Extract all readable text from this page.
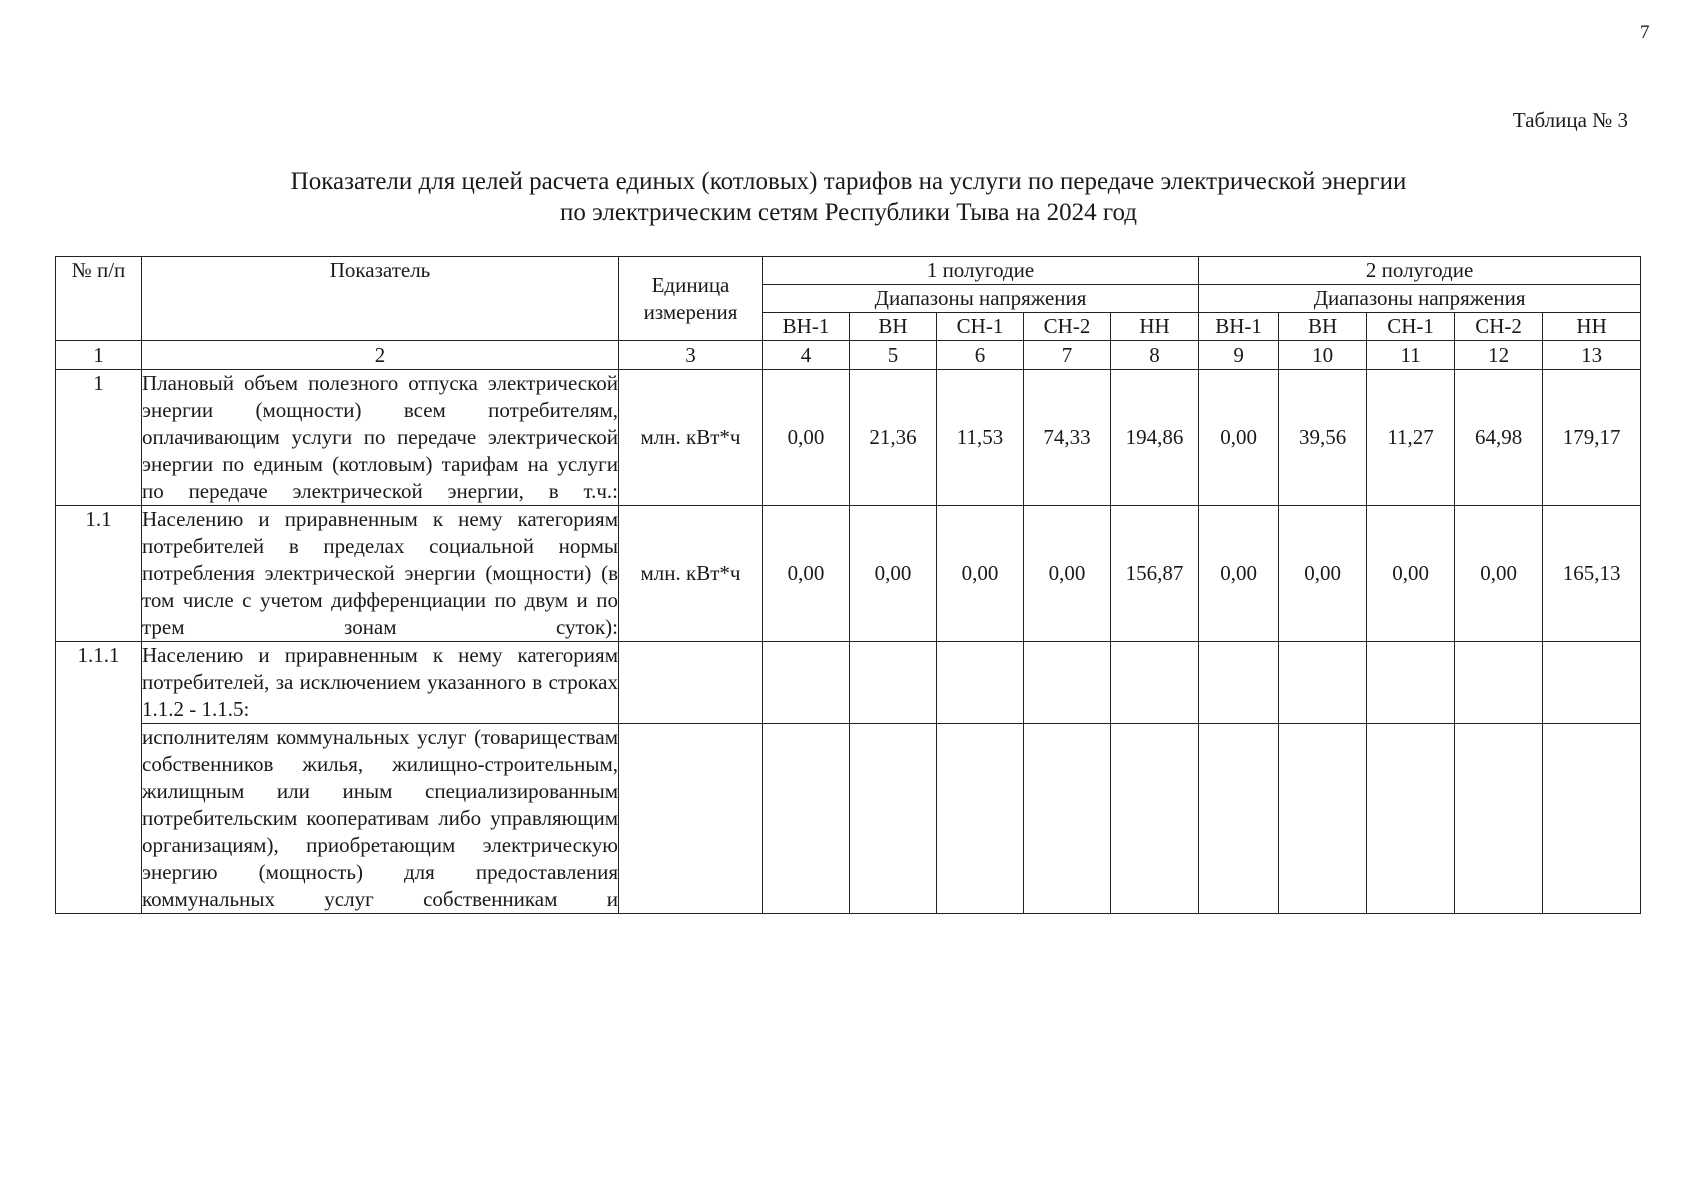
7
Таблица № 3
Показатели для целей расчета единых (котловых) тарифов на услуги по передаче электрической энергии
по электрическим сетям Республики Тыва на 2024 год
№ п/п	Показатель	Единица измерения	1 полугодие					2 полугодие				
			Диапазоны напряжения					Диапазоны напряжения				
			ВН-1	ВН	СН-1	СН-2	НН	ВН-1	ВН	СН-1	СН-2	НН
1	2	3	4	5	6	7	8	9	10	11	12	13
1	Плановый объем полезного отпуска электрической энергии (мощности) всем потребителям, оплачивающим услуги по передаче электрической энергии по единым (котловым) тарифам на услуги по передаче электрической энергии, в т.ч.:	млн. кВт*ч	0,00	21,36	11,53	74,33	194,86	0,00	39,56	11,27	64,98	179,17
1.1	Населению и приравненным к нему категориям потребителей в пределах социальной нормы потребления электрической энергии (мощности) (в том числе с учетом дифференциации по двум и по трем зонам суток):	млн. кВт*ч	0,00	0,00	0,00	0,00	156,87	0,00	0,00	0,00	0,00	165,13
1.1.1	Населению и приравненным к нему категориям потребителей, за исключением указанного в строках 1.1.2 - 1.1.5:											
	исполнителям коммунальных услуг (товариществам собственников жилья, жилищно-строительным, жилищным или иным специализированным потребительским кооперативам либо управляющим организациям), приобретающим электрическую энергию (мощность) для предоставления коммунальных услуг собственникам и											
